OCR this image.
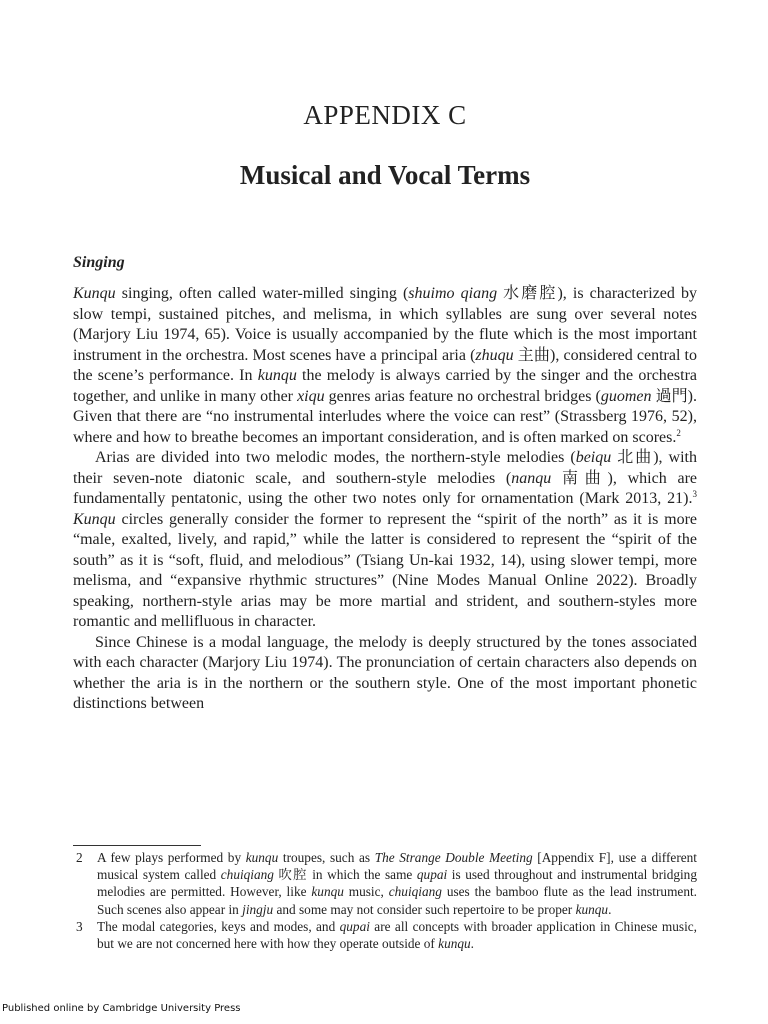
APPENDIX C
Musical and Vocal Terms
Singing

Kunqu singing, often called water-milled singing (shuimo qiang 水磨腔), is characterized by slow tempi, sustained pitches, and melisma, in which syllables are sung over several notes (Marjory Liu 1974, 65). Voice is usually accompanied by the flute which is the most important instrument in the orchestra. Most scenes have a principal aria (zhuqu 主曲), considered central to the scene’s performance. In kunqu the melody is always carried by the singer and the orchestra together, and unlike in many other xiqu genres arias feature no orchestral bridges (guomen 過門). Given that there are “no instrumental interludes where the voice can rest” (Strassberg 1976, 52), where and how to breathe becomes an important consideration, and is often marked on scores.$^2$

Arias are divided into two melodic modes, the northern-style melodies (beiqu 北曲), with their seven-note diatonic scale, and southern-style melodies (nanqu 南曲), which are fundamentally pentatonic, using the other two notes only for ornamentation (Mark 2013, 21).$^3$ Kunqu circles generally consider the former to represent the “spirit of the north” as it is more “male, exalted, lively, and rapid,” while the latter is considered to represent the “spirit of the south” as it is “soft, fluid, and melodious” (Tsiang Un-kai 1932, 14), using slower tempi, more melisma, and “expansive rhythmic structures” (Nine Modes Manual Online 2022). Broadly speaking, northern-style arias may be more martial and strident, and southern-styles more romantic and mellifluous in character.

Since Chinese is a modal language, the melody is deeply structured by the tones associated with each character (Marjory Liu 1974). The pronunciation of certain characters also depends on whether the aria is in the northern or the southern style. One of the most important phonetic distinctions between

2	A few plays performed by kunqu troupes, such as The Strange Double Meeting [Appendix F], use a different musical system called chuiqiang 吹腔 in which the same qupai is used throughout and instrumental bridging melodies are permitted. However, like kunqu music, chuiqiang uses the bamboo flute as the lead instrument. Such scenes also appear in jingju and some may not consider such repertoire to be proper kunqu.
3	The modal categories, keys and modes, and qupai are all concepts with broader application in Chinese music, but we are not concerned here with how they operate outside of kunqu.
Published online by Cambridge University Press
